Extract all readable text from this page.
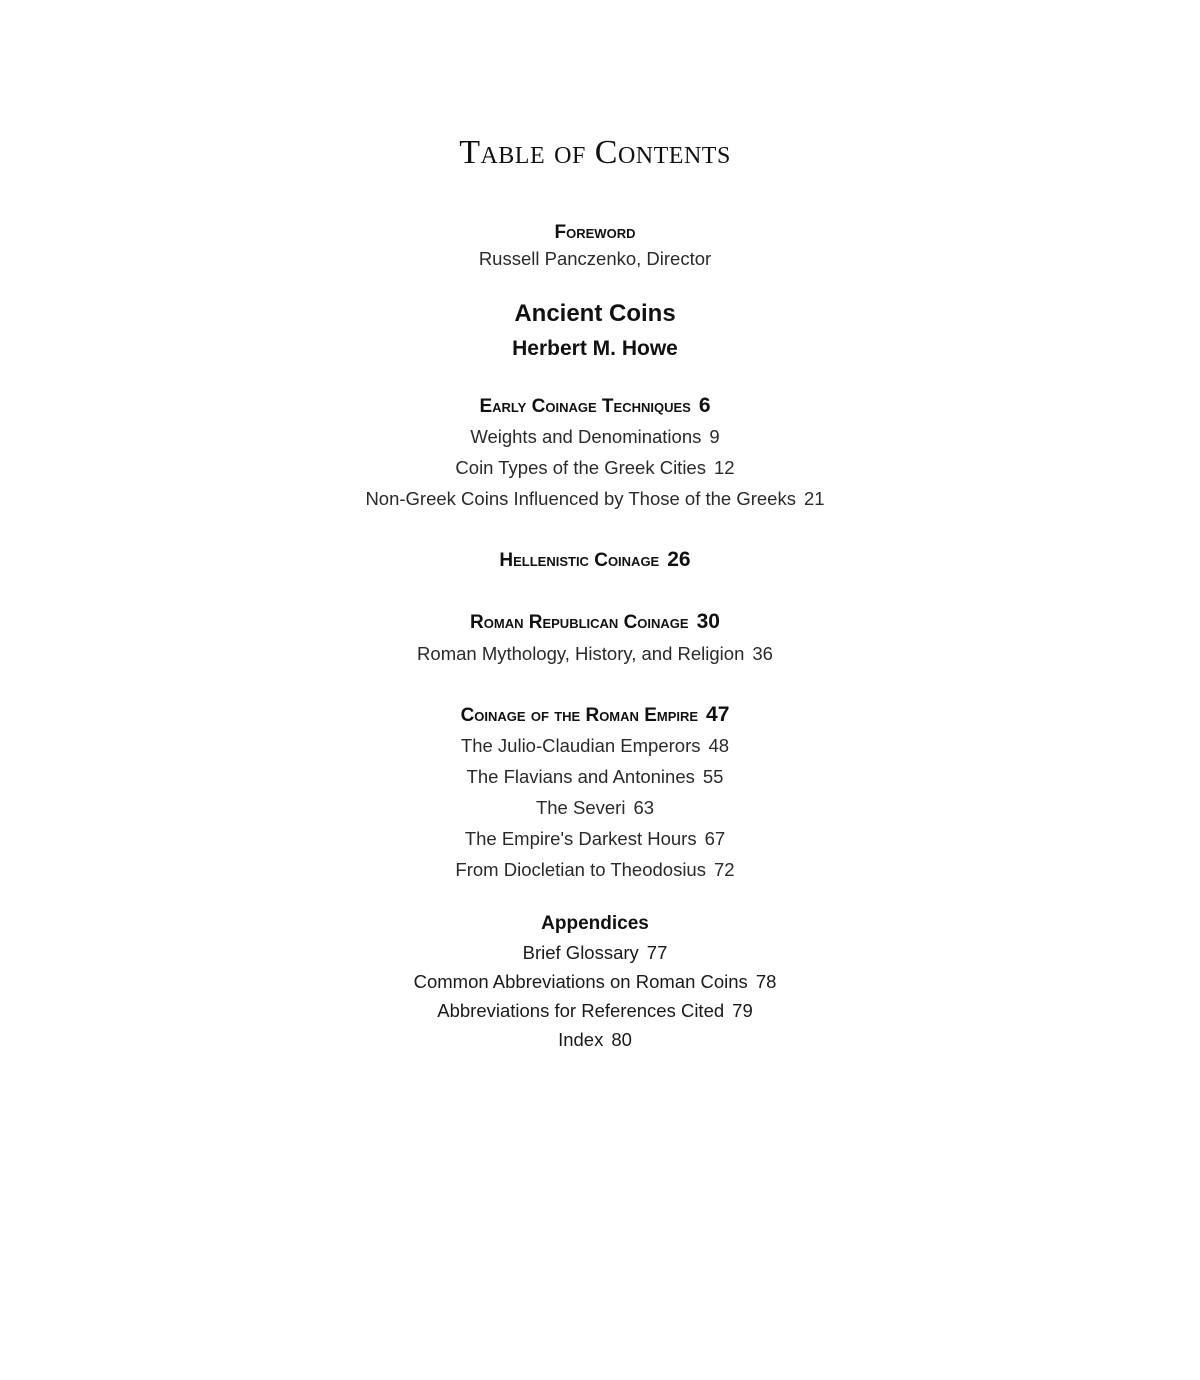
Table of Contents
Foreword
Russell Panczenko, Director
Ancient Coins
Herbert M. Howe
Early Coinage Techniques 6
Weights and Denominations 9
Coin Types of the Greek Cities 12
Non-Greek Coins Influenced by Those of the Greeks 21
Hellenistic Coinage 26
Roman Republican Coinage 30
Roman Mythology, History, and Religion 36
Coinage of the Roman Empire 47
The Julio-Claudian Emperors 48
The Flavians and Antonines 55
The Severi 63
The Empire's Darkest Hours 67
From Diocletian to Theodosius 72
Appendices
Brief Glossary 77
Common Abbreviations on Roman Coins 78
Abbreviations for References Cited 79
Index 80
